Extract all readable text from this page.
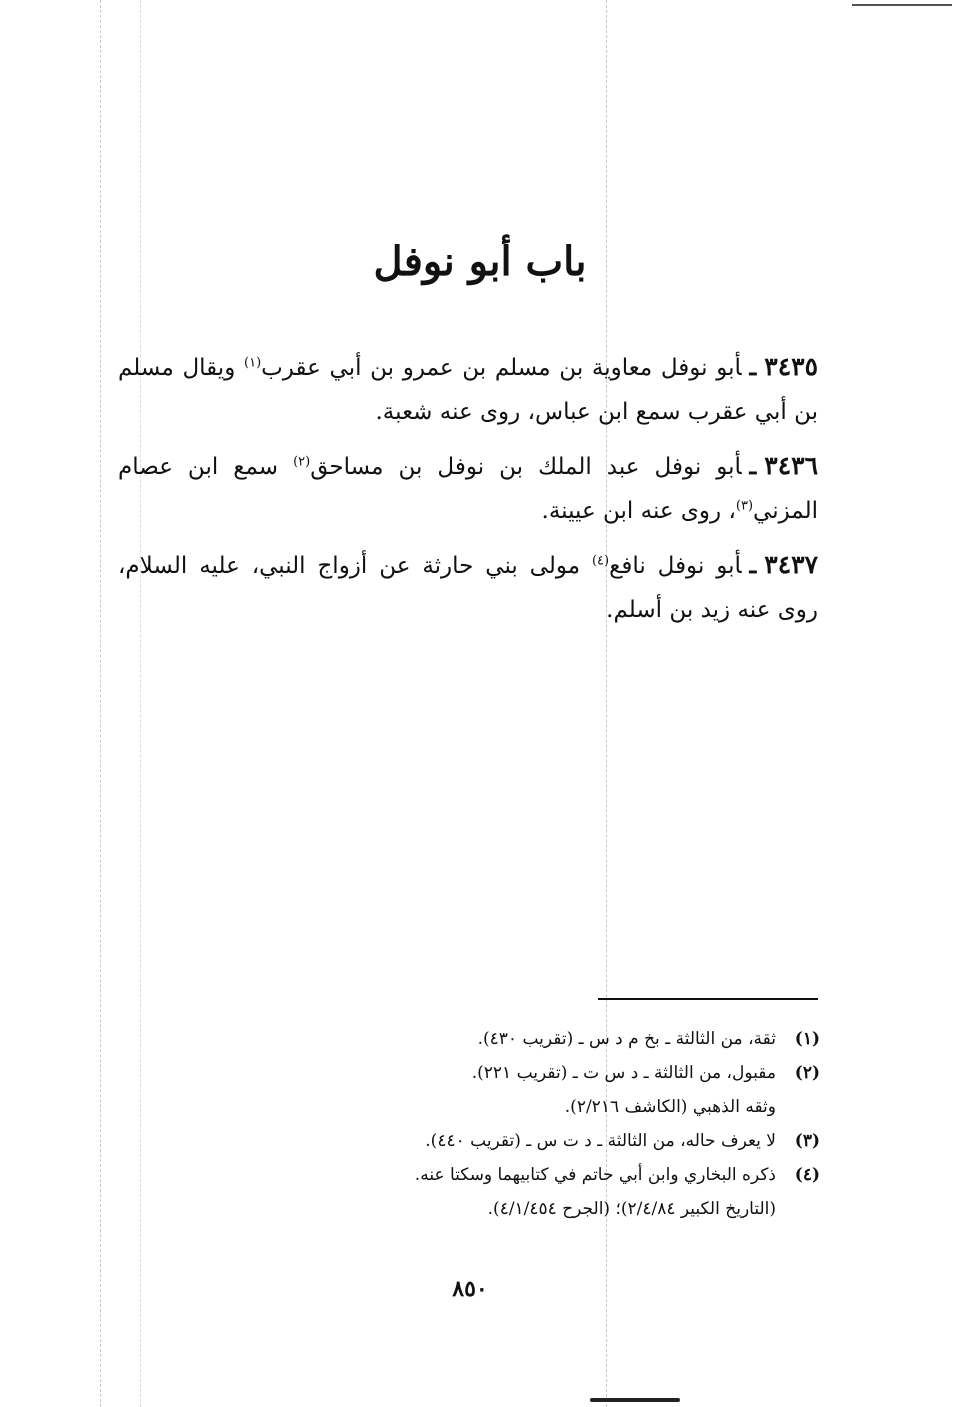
باب أبو نوفل

٣٤٣٥ـأبو نوفل معاوية بن مسلم بن عمرو بن أبي عقرب$^{(١)}$ ويقال مسلم بن أبي عقرب سمع ابن عباس، روى عنه شعبة.

٣٤٣٦ـأبو نوفل عبد الملك بن نوفل بن مساحق$^{(٢)}$ سمع ابن عصام المزني$^{(٣)}$، روى عنه ابن عيينة.

٣٤٣٧ـأبو نوفل نافع$^{(٤)}$ مولى بني حارثة عن أزواج النبي، عليه السلام، روى عنه زيد بن أسلم.

(١)ثقة، من الثالثة ـ بخ م د س ـ (تقريب ٤٣٠).

(٢)مقبول، من الثالثة ـ د س ت ـ (تقريب ٢٢١).
وثقه الذهبي (الكاشف ٢/٢١٦).

(٣)لا يعرف حاله، من الثالثة ـ د ت س ـ (تقريب ٤٤٠).

(٤)ذكره البخاري وابن أبي حاتم في كتابيهما وسكتا عنه.
(التاريخ الكبير ٢/٤/٨٤)؛ (الجرح ٤/١/٤٥٤).

٨٥٠
